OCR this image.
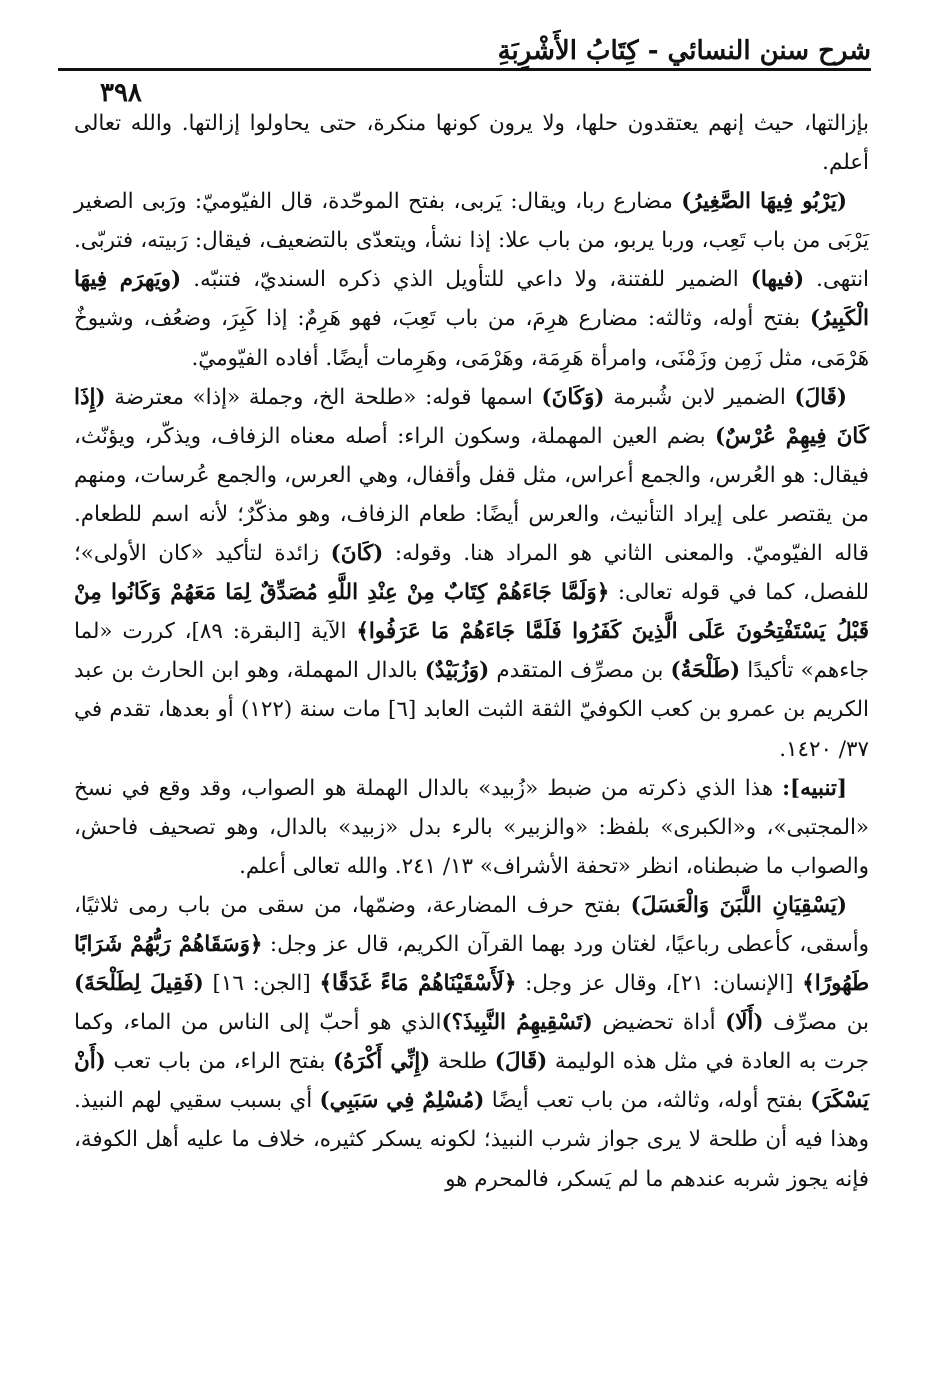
شرح سنن النسائي - كِتَابُ الأَشْرِبَةِ
٣٩٨

بإزالتها، حيث إنهم يعتقدون حلها، ولا يرون كونها منكرة، حتى يحاولوا إزالتها. والله تعالى أعلم.

(يَرْبُو فِيهَا الصَّغِيرُ) مضارع ربا، ويقال: يَربى، بفتح الموحّدة، قال الفيّوميّ: ورَبى الصغير يَرْبَى من باب تَعِب، وربا يربو، من باب علا: إذا نشأ، ويتعدّى بالتضعيف، فيقال: رَبيته، فتربّى. انتهى. (فيها) الضمير للفتنة، ولا داعي للتأويل الذي ذكره السنديّ، فتنبّه. (ويَهرَم فِيهَا الْكَبِيرُ) بفتح أوله، وثالثه: مضارع هرِمَ، من باب تَعِبَ، فهو هَرِمٌ: إذا كَبِرَ، وضعُف، وشيوخٌ هَرْمَى، مثل زَمِن وزَمْنَى، وامرأة هَرِمَة، وهَرْمَى، وهَرِمات أيضًا. أفاده الفيّوميّ.

(قَالَ) الضمير لابن شُبرمة (وَكَانَ) اسمها قوله: «طلحة الخ، وجملة «إذا» معترضة (إِذَا كَانَ فِيهِمْ عُرْسٌ) بضم العين المهملة، وسكون الراء: أصله معناه الزفاف، ويذكّر، ويؤنّث، فيقال: هو العُرس، والجمع أعراس، مثل قفل وأقفال، وهي العرس، والجمع عُرسات، ومنهم من يقتصر على إيراد التأنيث، والعرس أيضًا: طعام الزفاف، وهو مذكّرٌ؛ لأنه اسم للطعام. قاله الفيّوميّ. والمعنى الثاني هو المراد هنا. وقوله: (كَانَ) زائدة لتأكيد «كان الأولى»؛ للفصل، كما في قوله تعالى: ﴿وَلَمَّا جَاءَهُمْ كِتَابٌ مِنْ عِنْدِ اللَّهِ مُصَدِّقٌ لِمَا مَعَهُمْ وَكَانُوا مِنْ قَبْلُ يَسْتَفْتِحُونَ عَلَى الَّذِينَ كَفَرُوا فَلَمَّا جَاءَهُمْ مَا عَرَفُوا﴾ الآية [البقرة: ٨٩]، كررت «لما جاءهم» تأكيدًا (طَلْحَةُ) بن مصرِّف المتقدم (وَزُبَيْدٌ) بالدال المهملة، وهو ابن الحارث بن عبد الكريم بن عمرو بن كعب الكوفيّ الثقة الثبت العابد [٦] مات سنة (١٢٢) أو بعدها، تقدم في ٣٧/ ١٤٢٠.

[تنبيه]: هذا الذي ذكرته من ضبط «زُبيد» بالدال الهملة هو الصواب، وقد وقع في نسخ «المجتبى»، و«الكبرى» بلفظ: «والزبير» بالرء بدل «زبيد» بالدال، وهو تصحيف فاحش، والصواب ما ضبطناه، انظر «تحفة الأشراف» ١٣/ ٢٤١. والله تعالى أعلم.

(يَسْقِيَانِ اللَّبَنَ وَالْعَسَلَ) بفتح حرف المضارعة، وضمّها، من سقى من باب رمى ثلاثيًا، وأسقى، كأعطى رباعيًا، لغتان ورد بهما القرآن الكريم، قال عز وجل: ﴿وَسَقَاهُمْ رَبُّهُمْ شَرَابًا طَهُورًا﴾ [الإنسان: ٢١]، وقال عز وجل: ﴿لَأَسْقَيْنَاهُمْ مَاءً غَدَقًا﴾ [الجن: ١٦] (فَقِيلَ لِطَلْحَةَ) بن مصرِّف (أَلَا) أداة تحضيض (تَسْقِيهِمُ النَّبِيذَ؟)الذي هو أحبّ إلى الناس من الماء، وكما جرت به العادة في مثل هذه الوليمة (قَالَ) طلحة (إِنِّي أَكْرَهُ) بفتح الراء، من باب تعب (أَنْ يَسْكَرَ) بفتح أوله، وثالثه، من باب تعب أيضًا (مُسْلِمٌ فِي سَبَبِي) أي بسبب سقيي لهم النبيذ. وهذا فيه أن طلحة لا يرى جواز شرب النبيذ؛ لكونه يسكر كثيره، خلاف ما عليه أهل الكوفة، فإنه يجوز شربه عندهم ما لم يَسكر، فالمحرم هو
